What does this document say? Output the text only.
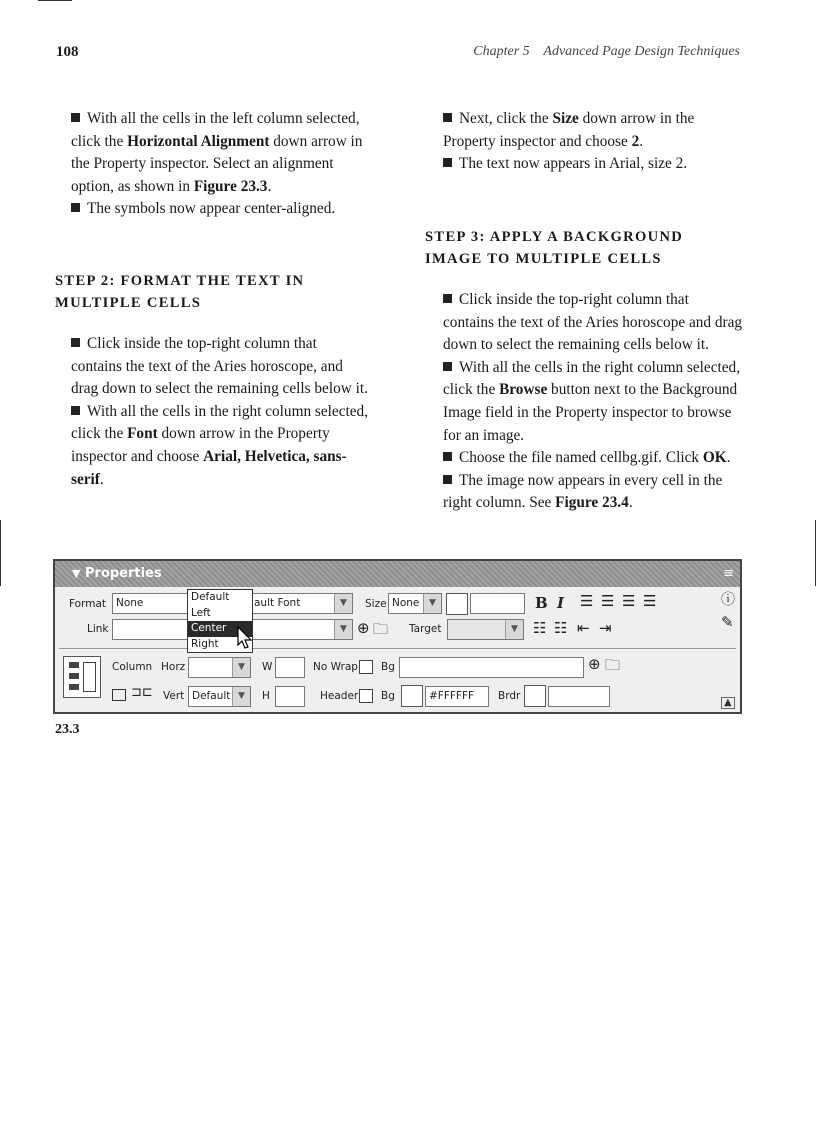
108	Chapter 5    Advanced Page Design Techniques

With all the cells in the left column selected, click the Horizontal Alignment down arrow in the Property inspector. Select an alignment option, as shown in Figure 23.3.

The symbols now appear center-aligned.

STEP 2: FORMAT THE TEXT IN MULTIPLE CELLS

Click inside the top-right column that contains the text of the Aries horoscope, and drag down to select the remaining cells below it.

With all the cells in the right column selected, click the Font down arrow in the Property inspector and choose Arial, Helvetica, sans-serif.

Next, click the Size down arrow in the Property inspector and choose 2.

The text now appears in Arial, size 2.

STEP 3: APPLY A BACKGROUND IMAGE TO MULTIPLE CELLS

Click inside the top-right column that contains the text of the Aries horoscope and drag down to select the remaining cells below it.

With all the cells in the right column selected, click the Browse button next to the Background Image field in the Property inspector to browse for an image.

Choose the file named cellbg.gif. Click OK.

The image now appears in every cell in the right column. See Figure 23.4.

▼ Properties	≡
Format None	ault Font	▼	Size None	▼	B I ☰ ☰ ☰ ☰	ⓘ
Link	▼ ⊕ 🗀 Target	▼	☷ ☷ ⇤ ⇥	✎
Column Horz	▼	W	No Wrap Bg	⊕ 🗀
⊐⊏ Vert Default ▼	H	Header Bg	#FFFFFF	Brdr
▲
Default
Left
Center
Right
23.3
